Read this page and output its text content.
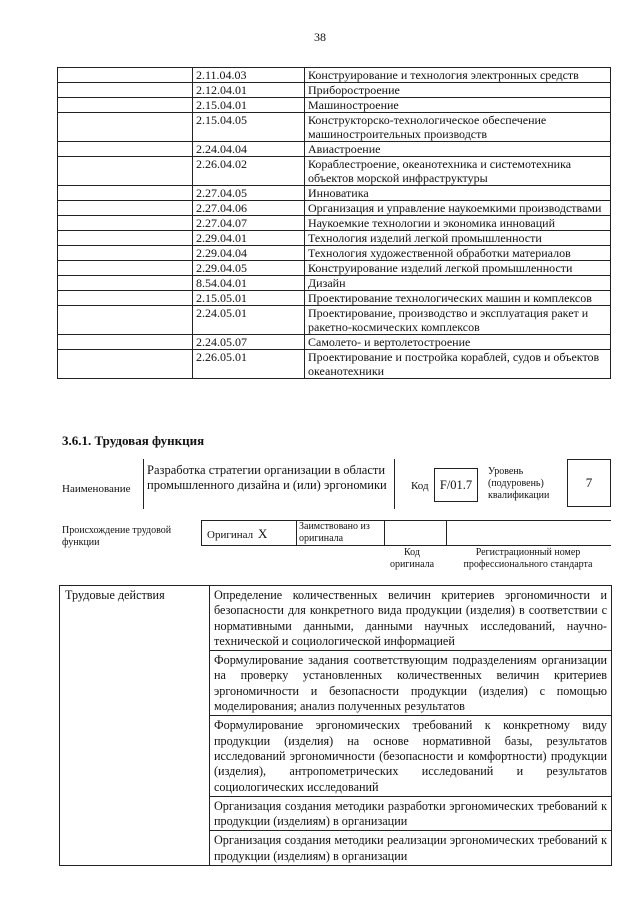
38
	2.11.04.03	Конструирование и технология электронных средств
	2.12.04.01	Приборостроение
	2.15.04.01	Машиностроение
	2.15.04.05	Конструкторско-технологическое обеспечение машиностроительных производств
	2.24.04.04	Авиастроение
	2.26.04.02	Кораблестроение, океанотехника и системотехника объектов морской инфраструктуры
	2.27.04.05	Инноватика
	2.27.04.06	Организация и управление наукоемкими производствами
	2.27.04.07	Наукоемкие технологии и экономика инноваций
	2.29.04.01	Технология изделий легкой промышленности
	2.29.04.04	Технология художественной обработки материалов
	2.29.04.05	Конструирование изделий легкой промышленности
	8.54.04.01	Дизайн
	2.15.05.01	Проектирование технологических машин и комплексов
	2.24.05.01	Проектирование, производство и эксплуатация ракет и ракетно-космических комплексов
	2.24.05.07	Самолето- и вертолетостроение
	2.26.05.01	Проектирование и постройка кораблей, судов и объектов океанотехники
3.6.1. Трудовая функция
Наименование
Разработка стратегии организации в области промышленного дизайна и (или) эргономики	Код F/01.7
Уровень (подуровень) квалификации
7
Происхождение трудовой функции
Оригинал X	Заимствовано из оригинала
Код оригинала
Регистрационный номер профессионального стандарта
Трудовые действия	Определение количественных величин критериев эргономичности и безопасности для конкретного вида продукции (изделия) в соответствии с нормативными данными, данными научных исследований, научно-технической и социологической информацией
Формулирование задания соответствующим подразделениям организации на проверку установленных количественных величин критериев эргономичности и безопасности продукции (изделия) с помощью моделирования; анализ полученных результатов
Формулирование эргономических требований к конкретному виду продукции (изделия) на основе нормативной базы, результатов исследований эргономичности (безопасности и комфортности) продукции (изделия), антропометрических исследований и результатов социологических исследований
Организация создания методики разработки эргономических требований к продукции (изделиям) в организации
Организация создания методики реализации эргономических требований к продукции (изделиям) в организации
